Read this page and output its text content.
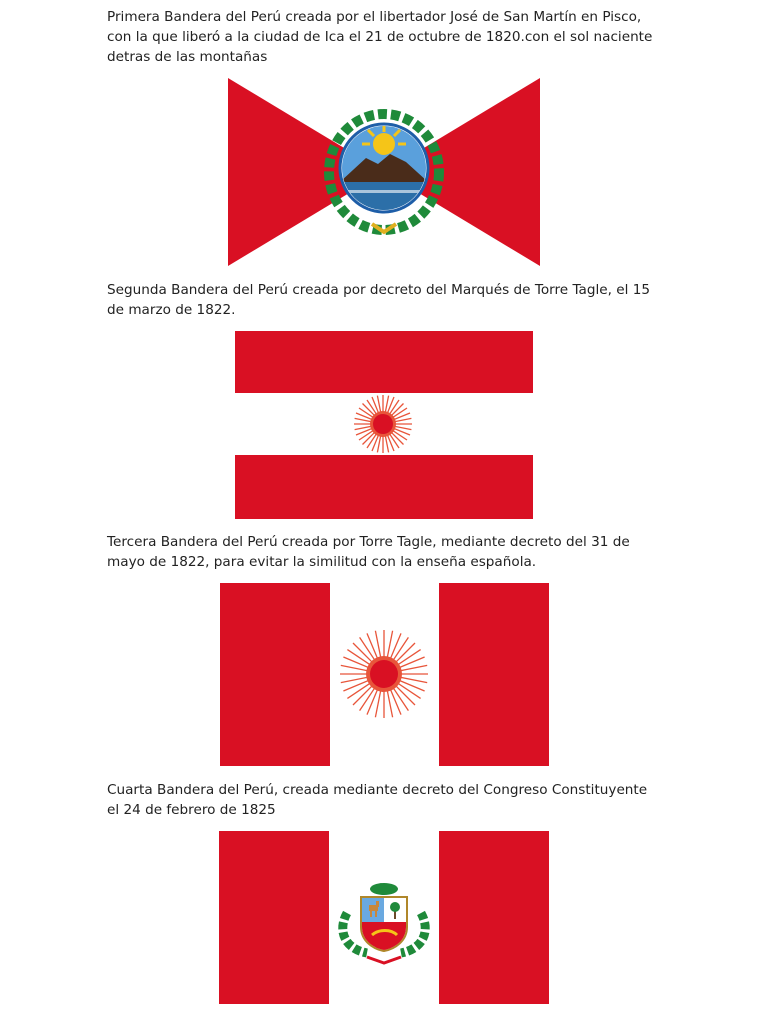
Primera Bandera del Perú creada por el libertador José de San Martín en Pisco,
con la que liberó a la ciudad de Ica el 21 de octubre de 1820.con el sol naciente
detras de las montañas

Segunda Bandera del Perú creada por decreto del Marqués de Torre Tagle, el 15
de marzo de 1822.

Tercera Bandera del Perú creada por Torre Tagle, mediante decreto del 31 de
mayo de 1822, para evitar la similitud con la enseña española.

Cuarta Bandera del Perú, creada mediante decreto del Congreso Constituyente
el 24 de febrero de 1825
